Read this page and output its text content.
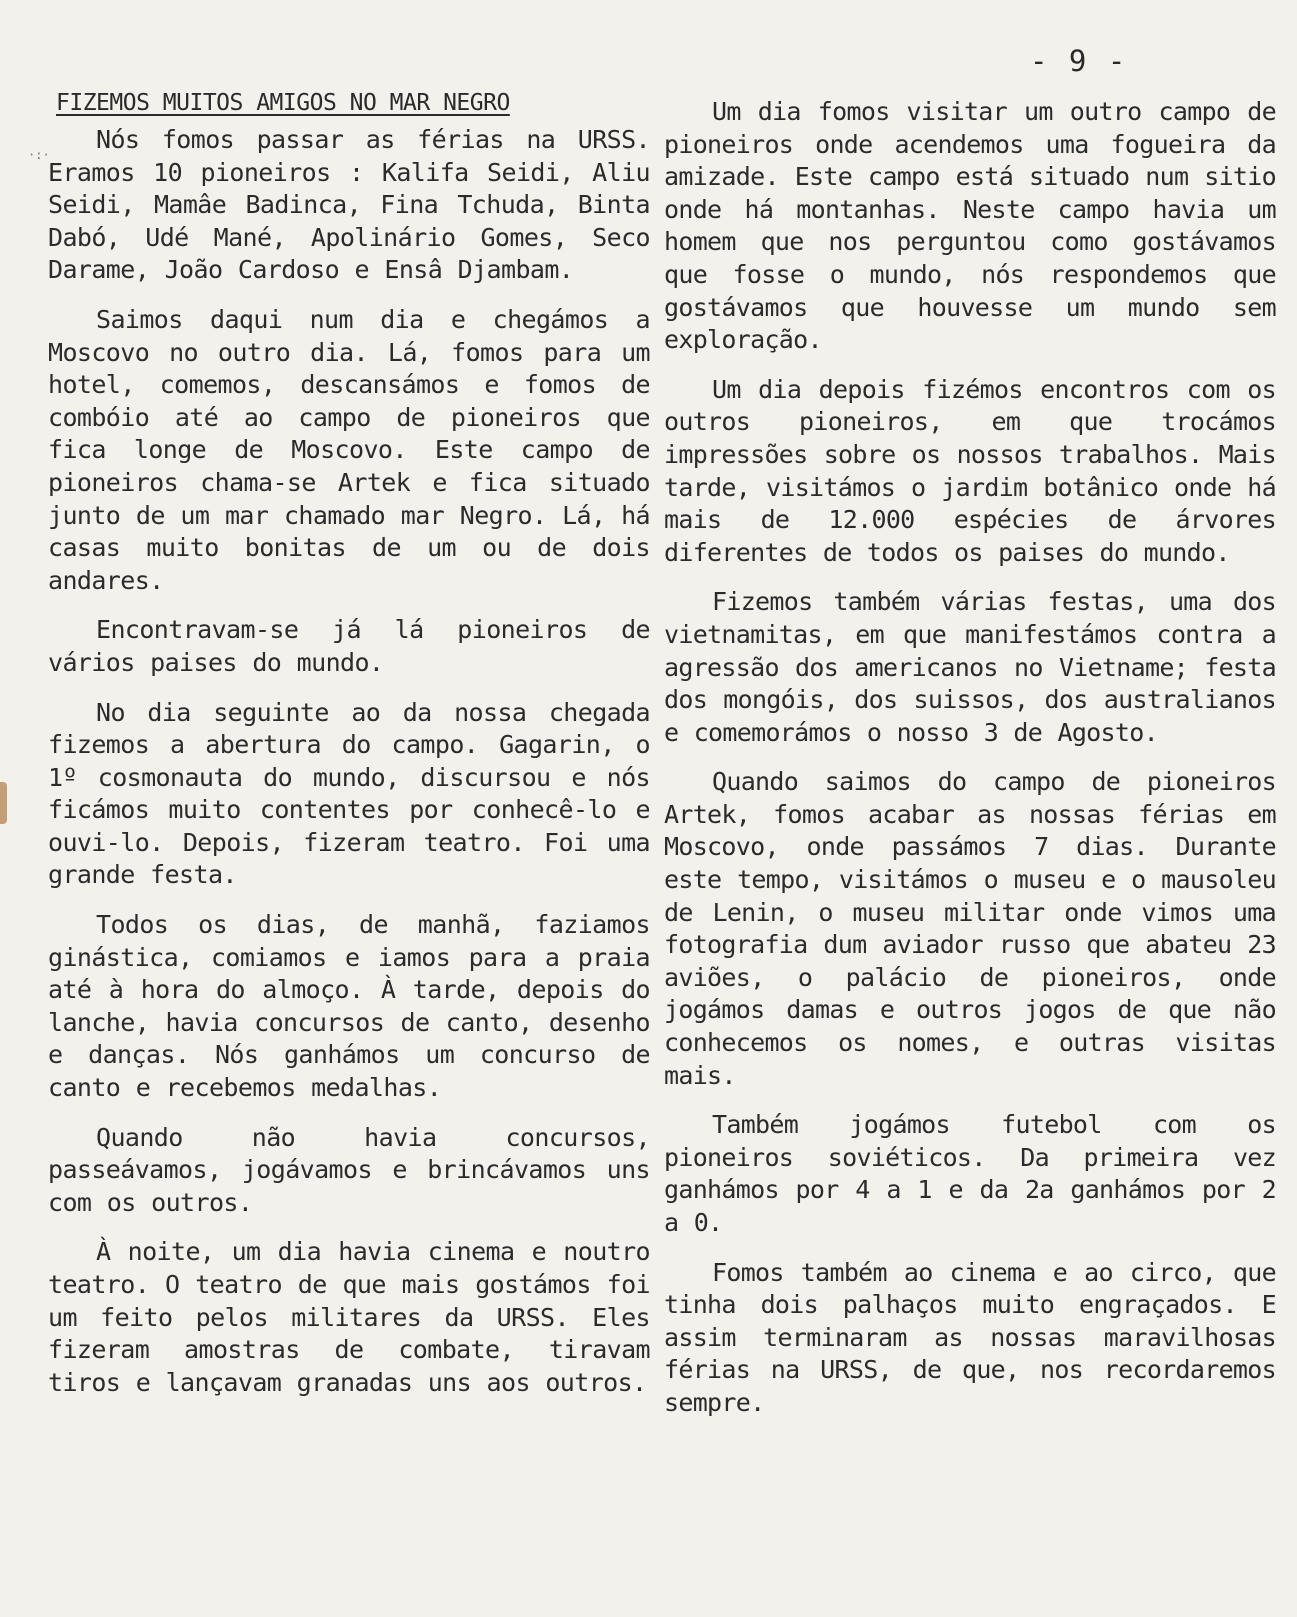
- 9 -
·:·
FIZEMOS MUITOS AMIGOS NO MAR NEGRO

Nós fomos passar as férias na URSS. Eramos 10 pioneiros : Kalifa Seidi, Aliu Seidi, Mamâe Badinca, Fina Tchuda, Binta Dabó, Udé Mané, Apolinário Gomes, Seco Darame, João Cardoso e Ensâ Djambam.

Saimos daqui num dia e chegámos a Moscovo no outro dia. Lá, fomos para um hotel, comemos, descansámos e fomos de combóio até ao campo de pioneiros que fica longe de Moscovo. Este campo de pioneiros chama-se Artek e fica situado junto de um mar chamado mar Negro. Lá, há casas muito bonitas de um ou de dois andares.

Encontravam-se já lá pioneiros de vários paises do mundo.

No dia seguinte ao da nossa chegada fizemos a abertura do campo. Gagarin, o 1º cosmonauta do mundo, discursou e nós ficámos muito contentes por conhecê-lo e ouvi-lo. Depois, fizeram teatro. Foi uma grande festa.

Todos os dias, de manhã, faziamos ginástica, comiamos e iamos para a praia até à hora do almoço. À tarde, depois do lanche, havia concursos de canto, desenho e danças. Nós ganhámos um concurso de canto e recebemos medalhas.

Quando não havia concursos, passeávamos, jogávamos e brincávamos uns com os outros.

À noite, um dia havia cinema e noutro teatro. O teatro de que mais gostámos foi um feito pelos militares da URSS. Eles fizeram amostras de combate, tiravam tiros e lançavam granadas uns aos outros.

Um dia fomos visitar um outro campo de pioneiros onde acendemos uma fogueira da amizade. Este campo está situado num sitio onde há montanhas. Neste campo havia um homem que nos perguntou como gostávamos que fosse o mundo, nós respondemos que gostávamos que houvesse um mundo sem exploração.

Um dia depois fizémos encontros com os outros pioneiros, em que trocámos impressões sobre os nossos trabalhos. Mais tarde, visitámos o jardim botânico onde há mais de 12.000 espécies de árvores diferentes de todos os paises do mundo.

Fizemos também várias festas, uma dos vietnamitas, em que manifestámos contra a agressão dos americanos no Vietname; festa dos mongóis, dos suissos, dos australianos e comemorámos o nosso 3 de Agosto.

Quando saimos do campo de pioneiros Artek, fomos acabar as nossas férias em Moscovo, onde passámos 7 dias. Durante este tempo, visitámos o museu e o mausoleu de Lenin, o museu militar onde vimos uma fotografia dum aviador russo que abateu 23 aviões, o palácio de pioneiros, onde jogámos damas e outros jogos de que não conhecemos os nomes, e outras visitas mais.

Também jogámos futebol com os pioneiros soviéticos. Da primeira vez ganhámos por 4 a 1 e da 2a ganhámos por 2 a 0.

Fomos também ao cinema e ao circo, que tinha dois palhaços muito engraçados. E assim terminaram as nossas maravilhosas férias na URSS, de que, nos recordaremos sempre.
